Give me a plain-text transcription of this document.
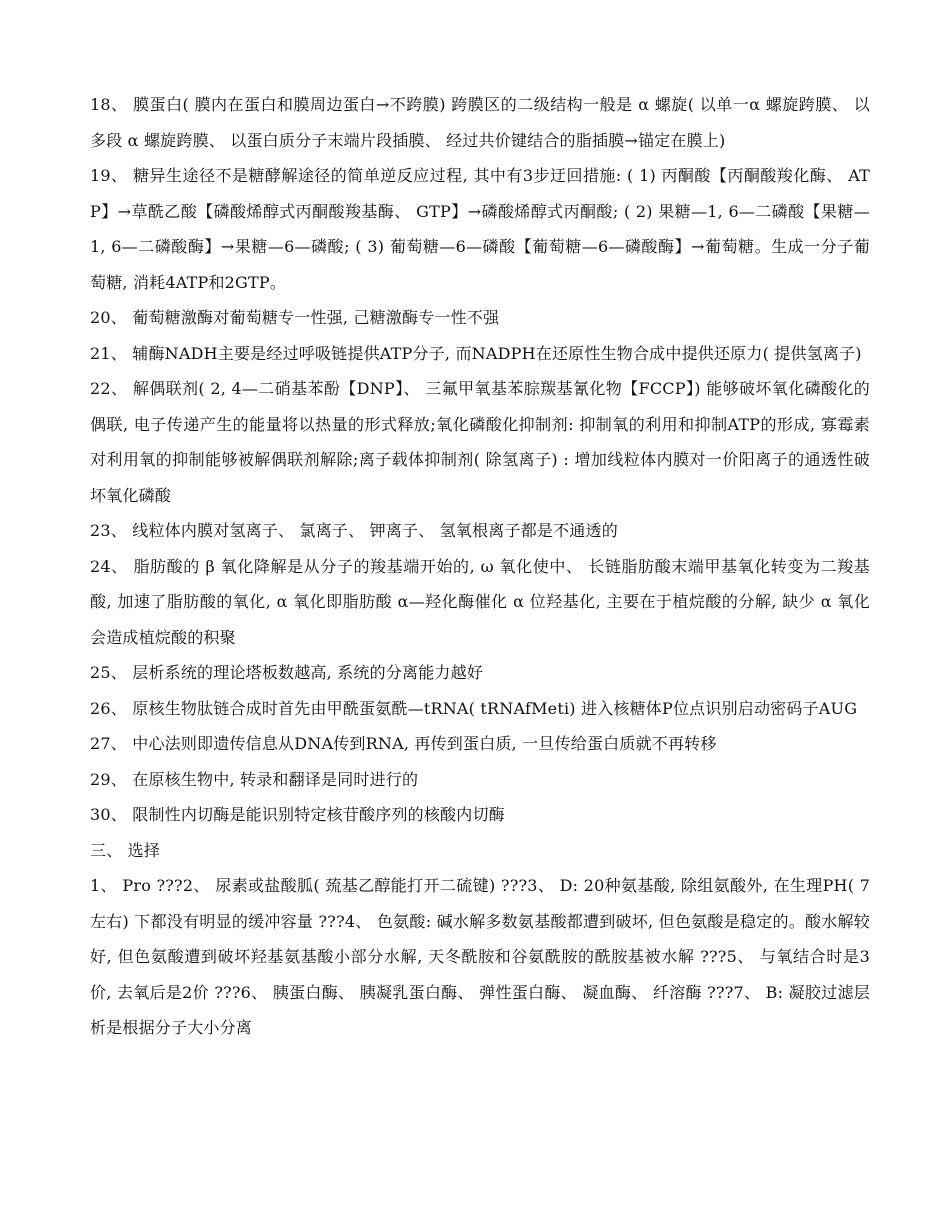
18、 膜蛋白( 膜内在蛋白和膜周边蛋白→不跨膜) 跨膜区的二级结构一般是 α 螺旋( 以单一α 螺旋跨膜、 以多段 α 螺旋跨膜、 以蛋白质分子末端片段插膜、 经过共价键结合的脂插膜→锚定在膜上)

19、 糖异生途径不是糖酵解途径的简单逆反应过程, 其中有3步迂回措施: ( 1) 丙酮酸【丙酮酸羧化酶、 ATP】→草酰乙酸【磷酸烯醇式丙酮酸羧基酶、 GTP】→磷酸烯醇式丙酮酸; ( 2) 果糖—1, 6—二磷酸【果糖—1, 6—二磷酸酶】→果糖—6—磷酸; ( 3) 葡萄糖—6—磷酸【葡萄糖—6—磷酸酶】→葡萄糖。生成一分子葡萄糖, 消耗4ATP和2GTP。

20、 葡萄糖激酶对葡萄糖专一性强, 己糖激酶专一性不强

21、 辅酶NADH主要是经过呼吸链提供ATP分子, 而NADPH在还原性生物合成中提供还原力( 提供氢离子)

22、 解偶联剂( 2, 4—二硝基苯酚【DNP】、 三氟甲氧基苯腙羰基氰化物【FCCP】) 能够破坏氧化磷酸化的偶联, 电子传递产生的能量将以热量的形式释放;氧化磷酸化抑制剂: 抑制氧的利用和抑制ATP的形成, 寡霉素对利用氧的抑制能够被解偶联剂解除;离子载体抑制剂( 除氢离子) : 增加线粒体内膜对一价阳离子的通透性破坏氧化磷酸

23、 线粒体内膜对氢离子、 氯离子、 钾离子、 氢氧根离子都是不通透的

24、 脂肪酸的 β 氧化降解是从分子的羧基端开始的, ω 氧化使中、 长链脂肪酸末端甲基氧化转变为二羧基酸, 加速了脂肪酸的氧化, α 氧化即脂肪酸 α—羟化酶催化 α 位羟基化, 主要在于植烷酸的分解, 缺少 α 氧化会造成植烷酸的积聚

25、 层析系统的理论塔板数越高, 系统的分离能力越好

26、 原核生物肽链合成时首先由甲酰蛋氨酰—tRNA( tRNAfMeti) 进入核糖体P位点识别启动密码子AUG

27、 中心法则即遗传信息从DNA传到RNA, 再传到蛋白质, 一旦传给蛋白质就不再转移

29、 在原核生物中, 转录和翻译是同时进行的

30、 限制性内切酶是能识别特定核苷酸序列的核酸内切酶

三、 选择

1、 Pro ???2、 尿素或盐酸胍( 巯基乙醇能打开二硫键) ???3、 D: 20种氨基酸, 除组氨酸外, 在生理PH( 7左右) 下都没有明显的缓冲容量 ???4、 色氨酸: 碱水解多数氨基酸都遭到破坏, 但色氨酸是稳定的。酸水解较好, 但色氨酸遭到破坏羟基氨基酸小部分水解, 天冬酰胺和谷氨酰胺的酰胺基被水解 ???5、 与氧结合时是3价, 去氧后是2价 ???6、 胰蛋白酶、 胰凝乳蛋白酶、 弹性蛋白酶、 凝血酶、 纤溶酶 ???7、 B: 凝胶过滤层析是根据分子大小分离
